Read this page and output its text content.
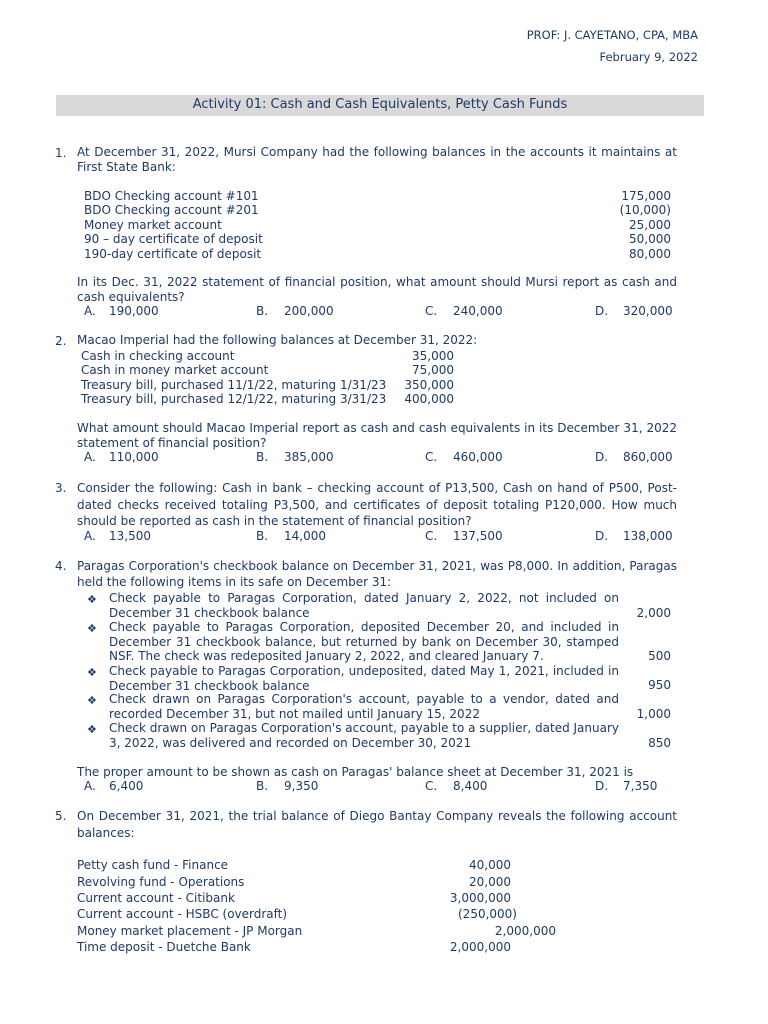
PROF: J. CAYETANO, CPA, MBA
February 9, 2022
Activity 01: Cash and Cash Equivalents, Petty Cash Funds
1. At December 31, 2022, Mursi Company had the following balances in the accounts it maintains at First State Bank:
BDO Checking account #101	175,000
BDO Checking account #201	(10,000)
Money market account	25,000
90 – day certificate of deposit	50,000
190-day certificate of deposit	80,000
In its Dec. 31, 2022 statement of financial position, what amount should Mursi report as cash and cash equivalents?
A. 190,000	B. 200,000	C. 240,000	D. 320,000
2. Macao Imperial had the following balances at December 31, 2022:
Cash in checking account	35,000
Cash in money market account	75,000
Treasury bill, purchased 11/1/22, maturing 1/31/23	350,000
Treasury bill, purchased 12/1/22, maturing 3/31/23	400,000
What amount should Macao Imperial report as cash and cash equivalents in its December 31, 2022 statement of financial position?
A. 110,000	B. 385,000	C. 460,000	D. 860,000
3. Consider the following: Cash in bank – checking account of P13,500, Cash on hand of P500, Post-dated checks received totaling P3,500, and certificates of deposit totaling P120,000. How much should be reported as cash in the statement of financial position?
A. 13,500	B. 14,000	C. 137,500	D. 138,000
4. Paragas Corporation's checkbook balance on December 31, 2021, was P8,000. In addition, Paragas held the following items in its safe on December 31:
❖ Check payable to Paragas Corporation, dated January 2, 2022, not included on December 31 checkbook balance	2,000
❖ Check payable to Paragas Corporation, deposited December 20, and included in December 31 checkbook balance, but returned by bank on December 30, stamped NSF. The check was redeposited January 2, 2022, and cleared January 7.	500
❖ Check payable to Paragas Corporation, undeposited, dated May 1, 2021, included in December 31 checkbook balance	950
❖ Check drawn on Paragas Corporation's account, payable to a vendor, dated and recorded December 31, but not mailed until January 15, 2022	1,000
❖ Check drawn on Paragas Corporation's account, payable to a supplier, dated January 3, 2022, was delivered and recorded on December 30, 2021	850
The proper amount to be shown as cash on Paragas' balance sheet at December 31, 2021 is
A. 6,400	B. 9,350	C. 8,400	D. 7,350
5. On December 31, 2021, the trial balance of Diego Bantay Company reveals the following account balances:
Petty cash fund - Finance	40,000
Revolving fund - Operations	20,000
Current account - Citibank	3,000,000
Current account - HSBC (overdraft)	(250,000)
Money market placement - JP Morgan	2,000,000
Time deposit - Duetche Bank	2,000,000
